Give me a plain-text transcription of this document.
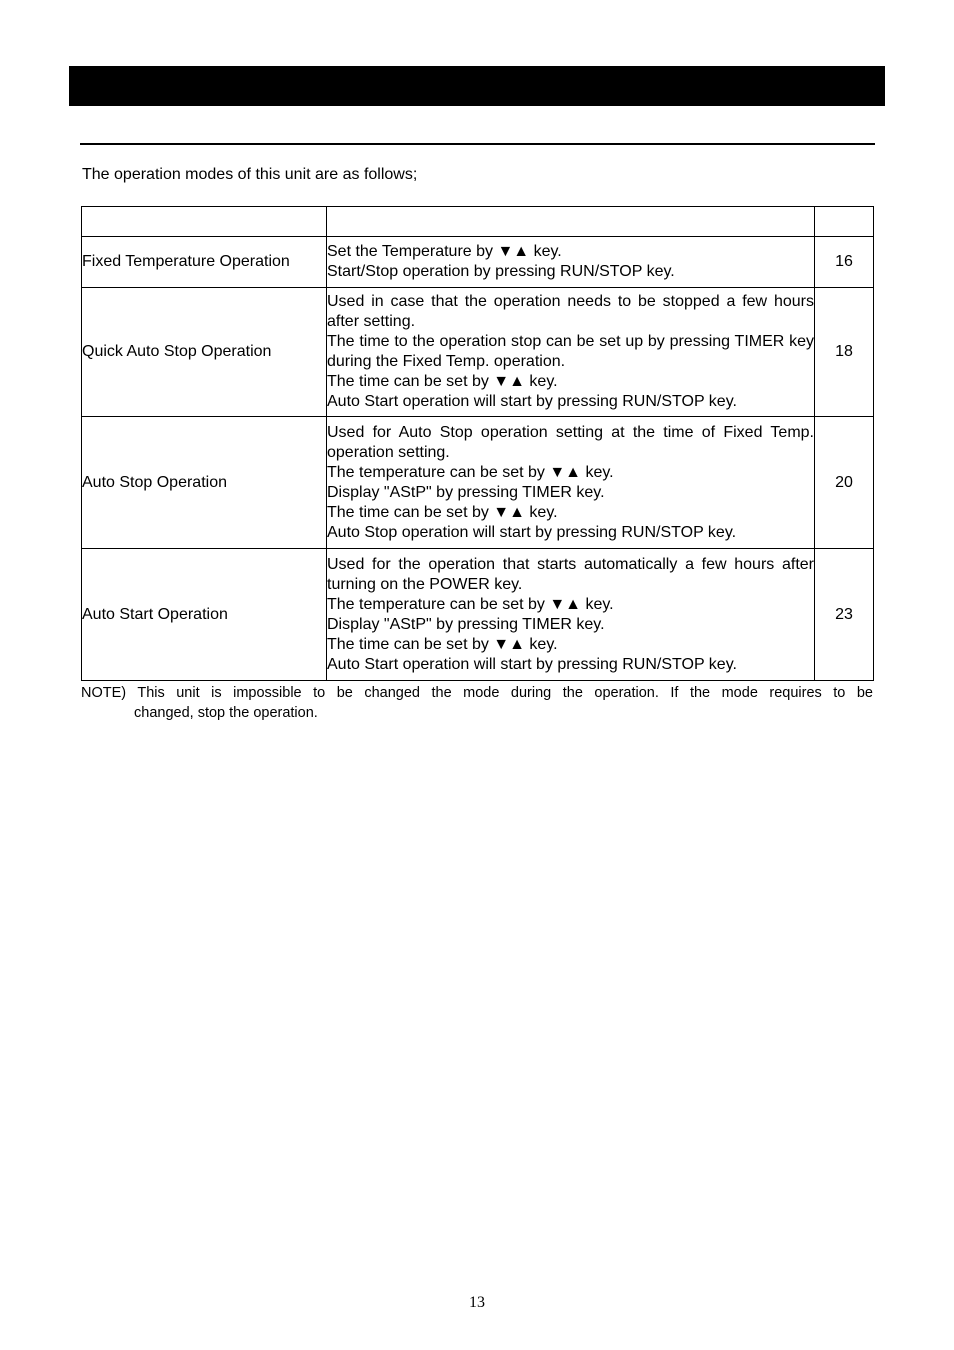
The operation modes of this unit are as follows;

Fixed Temperature Operation	Set the Temperature by ▼▲ key.
Start/Stop operation by pressing RUN/STOP key.	16
Quick Auto Stop Operation	Used in case that the operation needs to be stopped a few hours after setting.
The time to the operation stop can be set up by pressing TIMER key during the Fixed Temp. operation.
The time can be set by ▼▲ key.
Auto Start operation will start by pressing RUN/STOP key.	18
Auto Stop Operation	Used for Auto Stop operation setting at the time of Fixed Temp. operation setting.
The temperature can be set by ▼▲ key.
Display "AStP" by pressing TIMER key.
The time can be set by ▼▲ key.
Auto Stop operation will start by pressing RUN/STOP key.	20
Auto Start Operation	Used for the operation that starts automatically a few hours after turning on the POWER key.
The temperature can be set by ▼▲ key.
Display "AStP" by pressing TIMER key.
The time can be set by ▼▲ key.
Auto Start operation will start by pressing RUN/STOP key.	23
NOTE) This unit is impossible to be changed the mode during the operation. If the mode requires to be
changed, stop the operation.
13
